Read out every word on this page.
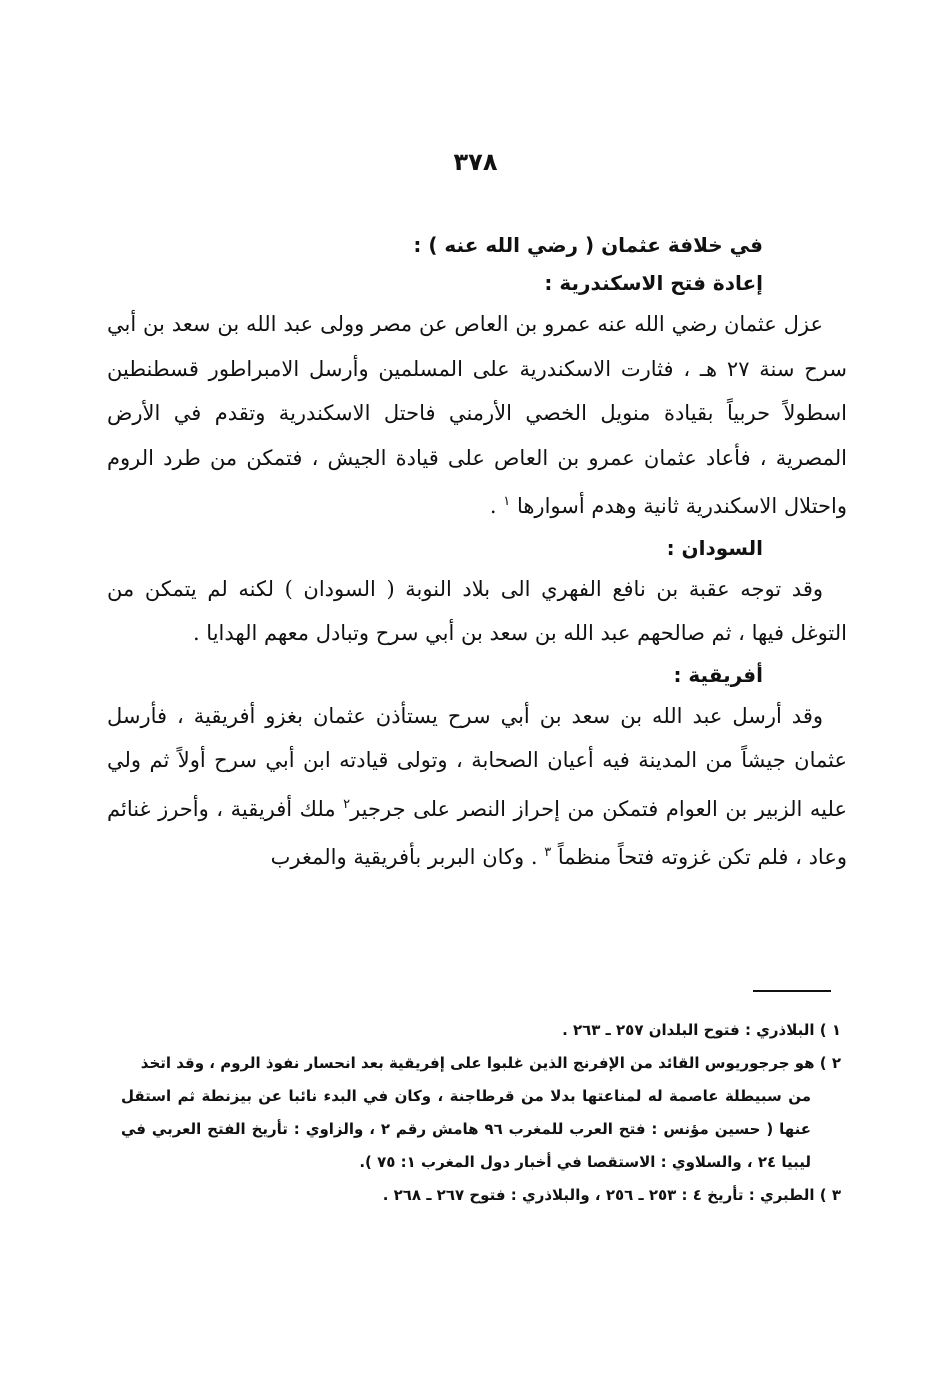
٣٧٨

في خلافة عثمان ( رضي الله عنه ) :

إعادة فتح الاسكندرية :

عزل عثمان رضي الله عنه عمرو بن العاص عن مصر وولى عبد الله بن سعد بن أبي سرح سنة ٢٧ هـ ، فثارت الاسكندرية على المسلمين وأرسل الامبراطور قسطنطين اسطولاً حربياً بقيادة منويل الخصي الأرمني فاحتل الاسكندرية وتقدم في الأرض المصرية ، فأعاد عثمان عمرو بن العاص على قيادة الجيش ، فتمكن من طرد الروم واحتلال الاسكندرية ثانية وهدم أسوارها $^١$ .

السودان :

وقد توجه عقبة بن نافع الفهري الى بلاد النوبة ( السودان ) لكنه لم يتمكن من التوغل فيها ، ثم صالحهم عبد الله بن سعد بن أبي سرح وتبادل معهم الهدايا .

أفريقية :

وقد أرسل عبد الله بن سعد بن أبي سرح يستأذن عثمان بغزو أفريقية ، فأرسل عثمان جيشاً من المدينة فيه أعيان الصحابة ، وتولى قيادته ابن أبي سرح أولاً ثم ولي عليه الزبير بن العوام فتمكن من إحراز النصر على جرجير$^٢$ ملك أفريقية ، وأحرز غنائم وعاد ، فلم تكن غزوته فتحاً منظماً $^٣$ . وكان البربر بأفريقية والمغرب

١ ) البلاذري : فتوح البلدان ٢٥٧ ـ ٢٦٣ .

٢ ) هو جرجوريوس القائد من الإفرنج الذين غلبوا على إفريقية بعد انحسار نفوذ الروم ، وقد اتخذ

من سبيطلة عاصمة له لمناعتها بدلا من قرطاجنة ، وكان في البدء نائبا عن بيزنطة ثم استقل عنها ( حسين مؤنس : فتح العرب للمغرب ٩٦ هامش رقم ٢ ، والزاوي : تأريخ الفتح العربي في ليبيا ٢٤ ، والسلاوي : الاستقصا في أخبار دول المغرب ١: ٧٥ ).

٣ ) الطبري : تأريخ ٤ : ٢٥٣ ـ ٢٥٦ ، والبلاذري : فتوح ٢٦٧ ـ ٢٦٨ .
